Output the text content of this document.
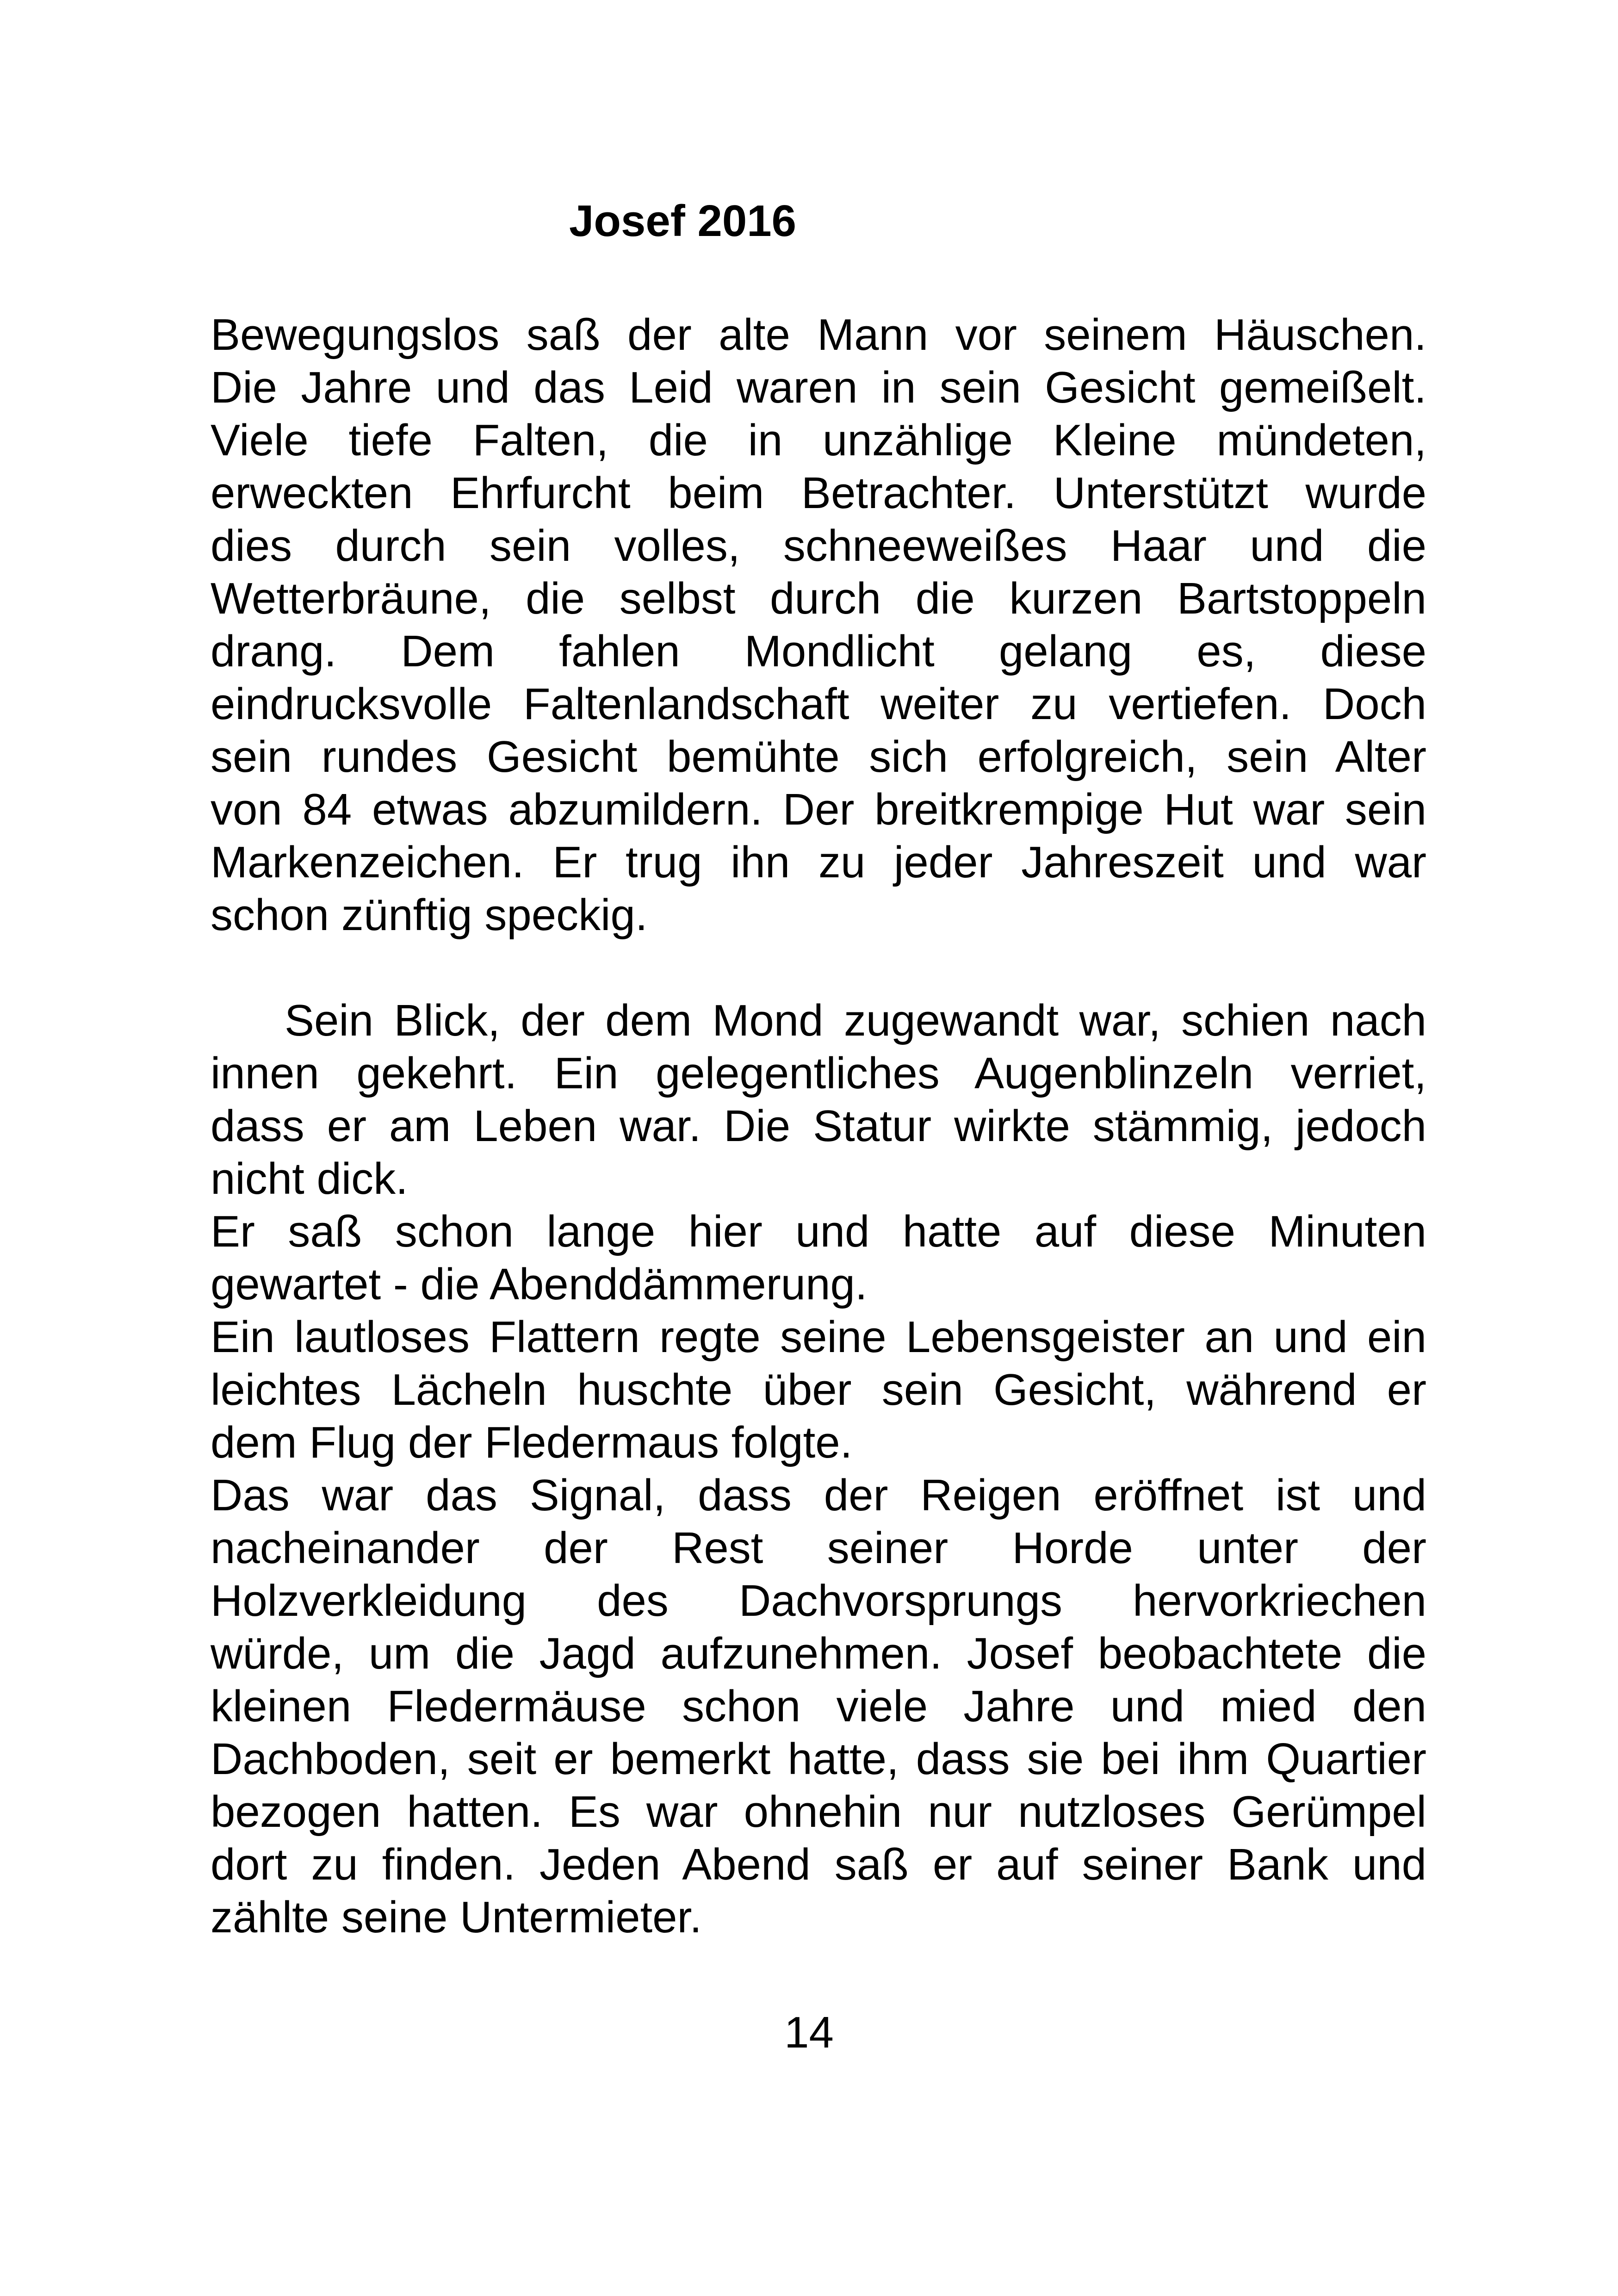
Josef 2016
Bewegungslos saß der alte Mann vor seinem Häuschen.
Die Jahre und das Leid waren in sein Gesicht gemeißelt.
Viele tiefe Falten, die in unzählige Kleine mündeten,
erweckten Ehrfurcht beim Betrachter. Unterstützt wurde
dies durch sein volles, schneeweißes Haar und die
Wetterbräune, die selbst durch die kurzen Bartstoppeln
drang. Dem fahlen Mondlicht gelang es, diese
eindrucksvolle Faltenlandschaft weiter zu vertiefen. Doch
sein rundes Gesicht bemühte sich erfolgreich, sein Alter
von 84 etwas abzumildern. Der breitkrempige Hut war sein
Markenzeichen. Er trug ihn zu jeder Jahreszeit und war
schon zünftig speckig.
Sein Blick, der dem Mond zugewandt war, schien nach
innen gekehrt. Ein gelegentliches Augenblinzeln verriet,
dass er am Leben war. Die Statur wirkte stämmig, jedoch
nicht dick.
Er saß schon lange hier und hatte auf diese Minuten
gewartet - die Abenddämmerung.
Ein lautloses Flattern regte seine Lebensgeister an und ein
leichtes Lächeln huschte über sein Gesicht, während er
dem Flug der Fledermaus folgte.
Das war das Signal, dass der Reigen eröffnet ist und
nacheinander der Rest seiner Horde unter der
Holzverkleidung des Dachvorsprungs hervorkriechen
würde, um die Jagd aufzunehmen. Josef beobachtete die
kleinen Fledermäuse schon viele Jahre und mied den
Dachboden, seit er bemerkt hatte, dass sie bei ihm Quartier
bezogen hatten. Es war ohnehin nur nutzloses Gerümpel
dort zu finden. Jeden Abend saß er auf seiner Bank und
zählte seine Untermieter.
14
